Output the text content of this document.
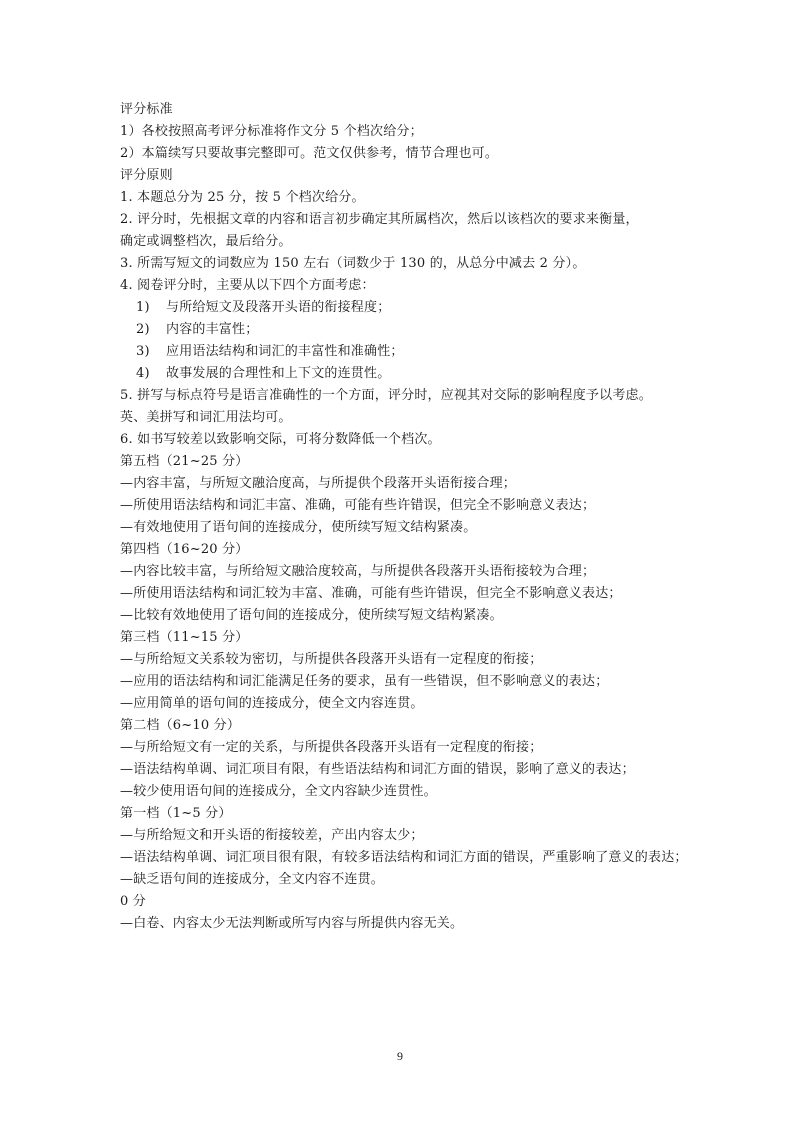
评分标准
1）各校按照高考评分标准将作文分 5 个档次给分；
2）本篇续写只要故事完整即可。范文仅供参考，情节合理也可。
评分原则
1. 本题总分为 25 分，按 5 个档次给分。
2. 评分时，先根据文章的内容和语言初步确定其所属档次，然后以该档次的要求来衡量，
确定或调整档次，最后给分。
3. 所需写短文的词数应为 150 左右（词数少于 130 的，从总分中减去 2 分）。
4. 阅卷评分时，主要从以下四个方面考虑：
1) 与所给短文及段落开头语的衔接程度；
2) 内容的丰富性；
3) 应用语法结构和词汇的丰富性和准确性；
4) 故事发展的合理性和上下文的连贯性。
5. 拼写与标点符号是语言准确性的一个方面，评分时，应视其对交际的影响程度予以考虑。
英、美拼写和词汇用法均可。
6. 如书写较差以致影响交际，可将分数降低一个档次。
第五档（21~25 分）
—内容丰富，与所短文融洽度高，与所提供个段落开头语衔接合理；
—所使用语法结构和词汇丰富、准确，可能有些许错误，但完全不影响意义表达；
—有效地使用了语句间的连接成分，使所续写短文结构紧凑。
第四档（16~20 分）
—内容比较丰富，与所给短文融洽度较高，与所提供各段落开头语衔接较为合理；
—所使用语法结构和词汇较为丰富、准确，可能有些许错误，但完全不影响意义表达；
—比较有效地使用了语句间的连接成分，使所续写短文结构紧凑。
第三档（11~15 分）
—与所给短文关系较为密切，与所提供各段落开头语有一定程度的衔接；
—应用的语法结构和词汇能满足任务的要求，虽有一些错误，但不影响意义的表达；
—应用简单的语句间的连接成分，使全文内容连贯。
第二档（6~10 分）
—与所给短文有一定的关系，与所提供各段落开头语有一定程度的衔接；
—语法结构单调、词汇项目有限，有些语法结构和词汇方面的错误，影响了意义的表达；
—较少使用语句间的连接成分，全文内容缺少连贯性。
第一档（1~5 分）
—与所给短文和开头语的衔接较差，产出内容太少；
—语法结构单调、词汇项目很有限，有较多语法结构和词汇方面的错误，严重影响了意义的表达；
—缺乏语句间的连接成分，全文内容不连贯。
0 分
—白卷、内容太少无法判断或所写内容与所提供内容无关。
9
